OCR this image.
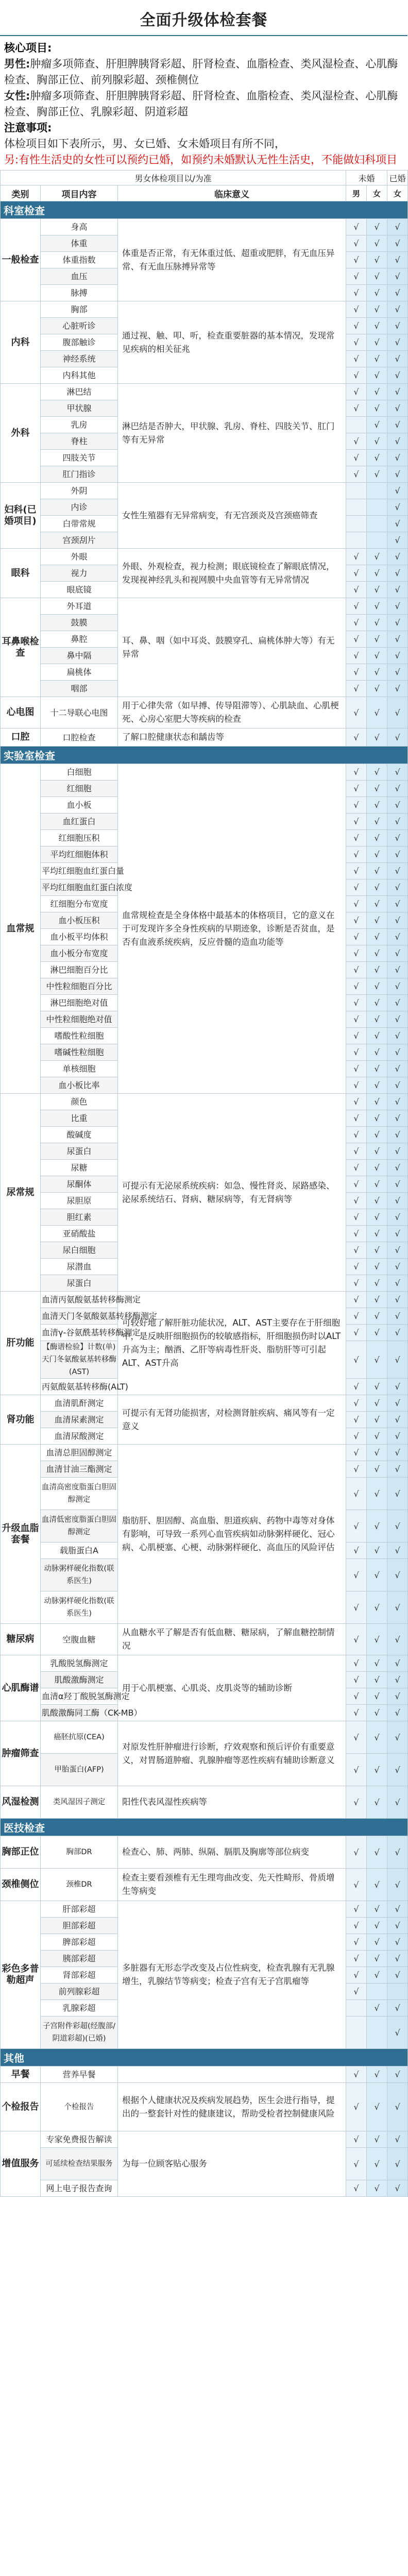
全面升级体检套餐
核心项目:
男性:肿瘤多项筛查、肝胆脾胰肾彩超、肝肾检查、血脂检查、类风湿检查、心肌酶检查、胸部正位、前列腺彩超、颈椎侧位
女性:肿瘤多项筛查、肝胆脾胰肾彩超、肝肾检查、血脂检查、类风湿检查、心肌酶检查、胸部正位、乳腺彩超、阴道彩超
注意事项:
体检项目如下表所示，男、女已婚、女未婚项目有所不同，
另:有性生活史的女性可以预约已婚，如预约未婚默认无性生活史，不能做妇科项目
男女体检项目以/为准			未婚		已婚
类别	项目内容	临床意义	男	女	女
科室检查					
一般检查	身高	体重是否正常，有无体重过低、超重或肥胖，有无血压异常、有无血压脉搏异常等	√	√	√
	体重		√	√	√
	体重指数		√	√	√
	血压		√	√	√
	脉搏		√	√	√
内科	胸部	通过视、触、叩、听，检查重要脏器的基本情况，发现常见疾病的相关征兆	√	√	√
	心脏听诊		√	√	√
	腹部触诊		√	√	√
	神经系统		√	√	√
	内科其他		√	√	√
外科	淋巴结	淋巴结是否肿大，甲状腺、乳房、脊柱、四肢关节、肛门等有无异常	√	√	√
	甲状腺		√	√	√
	乳房			√	√
	脊柱		√	√	√
	四肢关节		√	√	√
	肛门指诊		√	√	√
妇科(已婚项目)	外阴	女性生殖器有无异常病变，有无宫颈炎及宫颈癌筛查			√
	内诊				√
	白带常规				√
	宫颈刮片				√
眼科	外眼	外眼、外观检查，视力检测；眼底镜检查了解眼底情况，发现视神经乳头和视网膜中央血管等有无异常情况	√	√	√
	视力		√	√	√
	眼底镜		√	√	√
耳鼻喉检查	外耳道	耳、鼻、咽（如中耳炎、鼓膜穿孔、扁桃体肿大等）有无异常	√	√	√
	鼓膜		√	√	√
	鼻腔		√	√	√
	鼻中隔		√	√	√
	扁桃体		√	√	√
	咽部		√	√	√
心电图	十二导联心电图	用于心律失常（如早搏、传导阻滞等）、心肌缺血、心肌梗死、心房心室肥大等疾病的检查	√	√	√
口腔	口腔检查	了解口腔健康状态和龋齿等	√	√	√
实验室检查					
血常规	白细胞	血常规检查是全身体格中最基本的体格项目，它的意义在于可发现许多全身性疾病的早期迹象，诊断是否贫血，是否有血液系统疾病，反应骨髓的造血功能等	√	√	√
	红细胞		√	√	√
	血小板		√	√	√
	血红蛋白		√	√	√
	红细胞压积		√	√	√
	平均红细胞体积		√	√	√
	平均红细胞血红蛋白量		√	√	√
	平均红细胞血红蛋白浓度		√	√	√
	红细胞分布宽度		√	√	√
	血小板压积		√	√	√
	血小板平均体积		√	√	√
	血小板分布宽度		√	√	√
	淋巴细胞百分比		√	√	√
	中性粒细胞百分比		√	√	√
	淋巴细胞绝对值		√	√	√
	中性粒细胞绝对值		√	√	√
	嗜酸性粒细胞		√	√	√
	嗜碱性粒细胞		√	√	√
	单核细胞		√	√	√
	血小板比率		√	√	√
尿常规	颜色	可提示有无泌尿系统疾病：如急、慢性肾炎、尿路感染、泌尿系统结石、肾病、糖尿病等，有无肾病等	√	√	√
	比重		√	√	√
	酸碱度		√	√	√
	尿蛋白		√	√	√
	尿糖		√	√	√
	尿酮体		√	√	√
	尿胆原		√	√	√
	胆红素		√	√	√
	亚硝酸盐		√	√	√
	尿白细胞		√	√	√
	尿潜血		√	√	√
	尿蛋白		√	√	√
肝功能	血清丙氨酸氨基转移酶测定	可较好地了解肝脏功能状况，ALT、AST主要存在于肝细胞中，是反映肝细胞损伤的较敏感指标，肝细胞损伤时以ALT升高为主；酗酒、乙肝等病毒性肝炎、脂肪肝等可引起ALT、AST升高	√	√	√
	血清天门冬氨酸氨基转移酶测定		√	√	√
	血清γ-谷氨酰基转移酶测定		√	√	√
	【酶谱检验】计数(单)天门冬氨酸氨基转移酶(AST)		√	√	√
	丙氨酸氨基转移酶(ALT)		√	√	√
肾功能	血清肌酐测定	可提示有无肾功能损害，对检测肾脏疾病、痛风等有一定意义	√	√	√
	血清尿素测定		√	√	√
	血清尿酸测定		√	√	√
升级血脂套餐	血清总胆固醇测定	脂肪肝、胆固醇、高血脂、胆道疾病、药物中毒等对身体有影响，可导致一系列心血管疾病如动脉粥样硬化、冠心病、心肌梗塞、心梗、动脉粥样硬化、高血压的风险评估	√	√	√
	血清甘油三酯测定		√	√	√
	血清高密度脂蛋白胆固醇测定		√	√	√
	血清低密度脂蛋白胆固醇测定		√	√	√
	载脂蛋白A		√	√	√
	动脉粥样硬化指数(联系医生)		√	√	√
	动脉粥样硬化指数(联系医生)		√	√	√
糖尿病	空腹血糖	从血糖水平了解是否有低血糖、糖尿病，了解血糖控制情况	√	√	√
心肌酶谱	乳酸脱氢酶测定	用于心肌梗塞、心肌炎、皮肌炎等的辅助诊断	√	√	√
	肌酸激酶测定		√	√	√
	血清α羟丁酸脱氢酶测定		√	√	√
	肌酸激酶同工酶（CK-MB）		√	√	√
肿瘤筛查	癌胚抗原(CEA)	对原发性肝肿瘤进行诊断，疗效观察和预后评价有重要意义，对胃肠道肿瘤、乳腺肿瘤等恶性疾病有辅助诊断意义	√	√	√
	甲胎蛋白(AFP)		√	√	√
风湿检测	类风湿因子测定	阳性代表风湿性疾病等	√	√	√
医技检查					
胸部正位	胸部DR	检查心、肺、两肺、纵隔、膈肌及胸廓等部位病变	√	√	√
颈椎侧位	颈椎DR	检查主要看颈椎有无生理弯曲改变、先天性畸形、骨质增生等病变	√	√	√
彩色多普勒超声	肝部彩超	多脏器有无形态学改变及占位性病变，检查乳腺有无乳腺增生，乳腺结节等病变；检查子宫有无子宫肌瘤等	√	√	√
	胆部彩超		√	√	√
	脾部彩超		√	√	√
	胰部彩超		√	√	√
	肾部彩超		√	√	√
	前列腺彩超		√		
	乳腺彩超			√	√
	子宫附件彩超(经腹部/阴道彩超)(已婚)				√
其他					
早餐	营养早餐		√	√	√
个检报告	个检报告	根据个人健康状况及疾病发展趋势，医生会进行指导，提出的一整套针对性的健康建议，帮助受检者控制健康风险	√	√	√
增值服务	专家免费报告解读	为每一位顾客贴心服务	√	√	√
	可延续检查结果服务		√	√	√
	网上电子报告查询		√	√	√
